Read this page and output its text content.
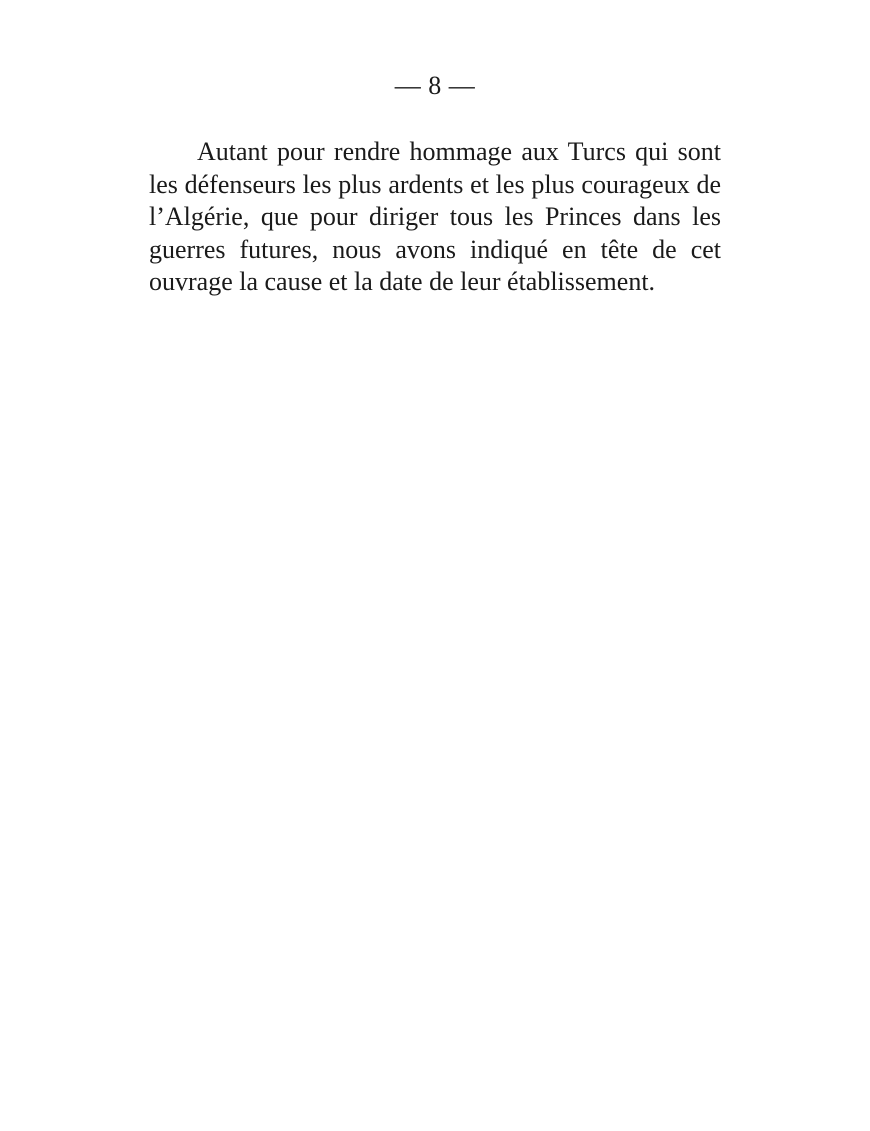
— 8 —

Autant pour rendre hommage aux Turcs qui sont les défenseurs les plus ardents et les plus courageux de l’Algérie, que pour diriger tous les Princes dans les guerres futures, nous avons indiqué en tête de cet ouvrage la cause et la date de leur établissement.
